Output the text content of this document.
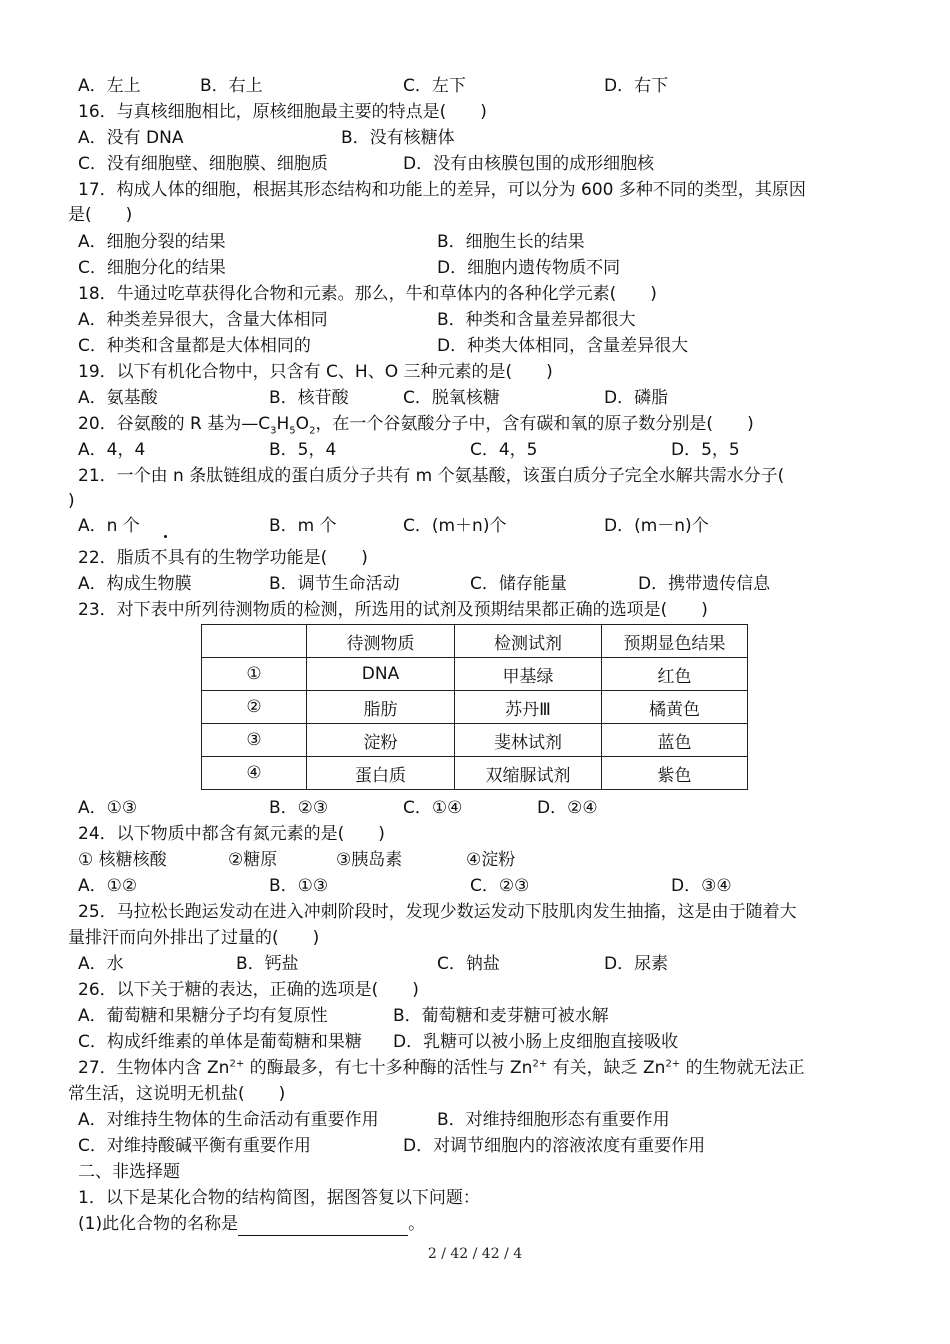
A．左上	B．右上	C．左下	D．右下
16．与真核细胞相比，原核细胞最主要的特点是(　　)
A．没有 DNA	B．没有核糖体
C．没有细胞壁、细胞膜、细胞质	D．没有由核膜包围的成形细胞核
17．构成人体的细胞，根据其形态结构和功能上的差异，可以分为 600 多种不同的类型，其原因
是(　　)
A．细胞分裂的结果	B．细胞生长的结果
C．细胞分化的结果	D．细胞内遗传物质不同
18．牛通过吃草获得化合物和元素。那么，牛和草体内的各种化学元素(　　)
A．种类差异很大，含量大体相同	B．种类和含量差异都很大
C．种类和含量都是大体相同的	D．种类大体相同，含量差异很大
19．以下有机化合物中，只含有 C、H、O 三种元素的是(　　)
A．氨基酸	B．核苷酸	C．脱氧核糖	D．磷脂
20．谷氨酸的 R 基为$—C_3H_5O_2$，在一个谷氨酸分子中，含有碳和氧的原子数分别是(　　)
A．4，4	B．5，4	C．4，5	D．5，5
21．一个由 n 条肽链组成的蛋白质分子共有 m 个氨基酸，该蛋白质分子完全水解共需水分子(
)
A．n 个	B．m 个	C．(m＋n)个	D．(m－n)个
22．脂质不具有的生物学功能是(　　)
A．构成生物膜	B．调节生命活动	C．储存能量	D．携带遗传信息
23．对下表中所列待测物质的检测，所选用的试剂及预期结果都正确的选项是(　　)
	待测物质	检测试剂	预期显色结果
①	DNA	甲基绿	红色
②	脂肪	苏丹Ⅲ	橘黄色
③	淀粉	斐林试剂	蓝色
④	蛋白质	双缩脲试剂	紫色
A．①③	B．②③	C．①④	D．②④
24．以下物质中都含有氮元素的是(　　)
① 核糖核酸	②糖原	③胰岛素	④淀粉
A．①②	B．①③	C．②③	D．③④
25．马拉松长跑运发动在进入冲刺阶段时，发现少数运发动下肢肌肉发生抽搐，这是由于随着大
量排汗而向外排出了过量的(　　)
A．水	B．钙盐	C．钠盐	D．尿素
26．以下关于糖的表达，正确的选项是(　　)
A．葡萄糖和果糖分子均有复原性	B．葡萄糖和麦芽糖可被水解
C．构成纤维素的单体是葡萄糖和果糖 D．乳糖可以被小肠上皮细胞直接吸收
27．生物体内含 $Zn^{2+}$ 的酶最多，有七十多种酶的活性与 $Zn^{2+}$ 有关，缺乏 $Zn^{2+}$ 的生物就无法正
常生活，这说明无机盐(　　)
A．对维持生物体的生命活动有重要作用	B．对维持细胞形态有重要作用
C．对维持酸碱平衡有重要作用	D．对调节细胞内的溶液浓度有重要作用
二、非选择题
1．以下是某化合物的结构简图，据图答复以下问题：
(1)此化合物的名称是	。
2 / 42 / 42 / 4
